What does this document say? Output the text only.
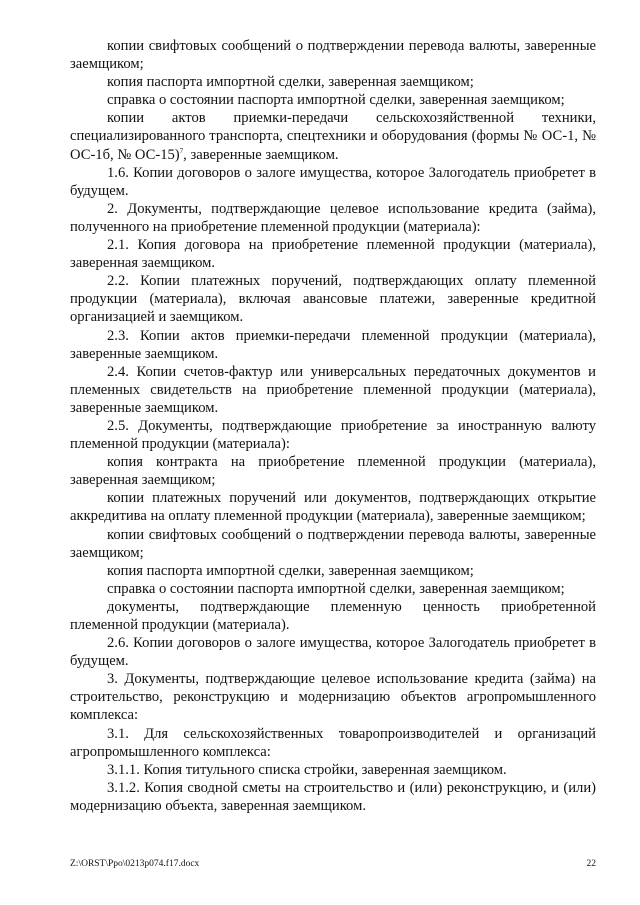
копии свифтовых сообщений о подтверждении перевода валюты, заверенные заемщиком;

копия паспорта импортной сделки, заверенная заемщиком;

справка о состоянии паспорта импортной сделки, заверенная заемщиком;

копии актов приемки-передачи сельскохозяйственной техники, специализированного транспорта, спецтехники и оборудования (формы № ОС-1, № ОС-1б, № ОС-15)$^7$, заверенные заемщиком.

1.6. Копии договоров о залоге имущества, которое Залогодатель приобретет в будущем.

2. Документы, подтверждающие целевое использование кредита (займа), полученного на приобретение племенной продукции (материала):

2.1. Копия договора на приобретение племенной продукции (материала), заверенная заемщиком.

2.2. Копии платежных поручений, подтверждающих оплату племенной продукции (материала), включая авансовые платежи, заверенные кредитной организацией и заемщиком.

2.3. Копии актов приемки-передачи племенной продукции (материала), заверенные заемщиком.

2.4. Копии счетов-фактур или универсальных передаточных документов и племенных свидетельств на приобретение племенной продукции (материала), заверенные заемщиком.

2.5. Документы, подтверждающие приобретение за иностранную валюту племенной продукции (материала):

копия контракта на приобретение племенной продукции (материала), заверенная заемщиком;

копии платежных поручений или документов, подтверждающих открытие аккредитива на оплату племенной продукции (материала), заверенные заемщиком;

копии свифтовых сообщений о подтверждении перевода валюты, заверенные заемщиком;

копия паспорта импортной сделки, заверенная заемщиком;

справка о состоянии паспорта импортной сделки, заверенная заемщиком;

документы, подтверждающие племенную ценность приобретенной племенной продукции (материала).

2.6. Копии договоров о залоге имущества, которое Залогодатель приобретет в будущем.

3. Документы, подтверждающие целевое использование кредита (займа) на строительство, реконструкцию и модернизацию объектов агропромышленного комплекса:

3.1. Для сельскохозяйственных товаропроизводителей и организаций агропромышленного комплекса:

3.1.1. Копия титульного списка стройки, заверенная заемщиком.

3.1.2. Копия сводной сметы на строительство и (или) реконструкцию, и (или) модернизацию объекта, заверенная заемщиком.

Z:\ORST\Ppo\0213p074.f17.docx	22
